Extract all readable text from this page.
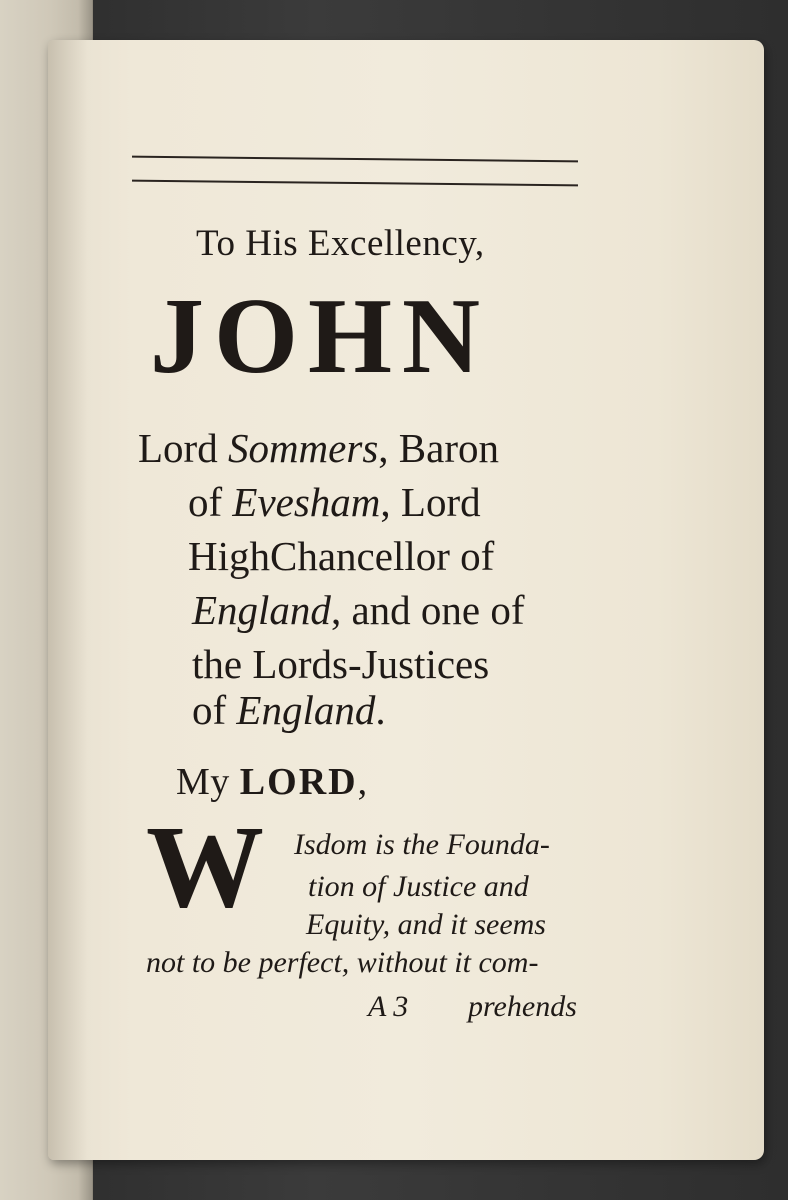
To His Excellency,
JOHN
Lord Sommers, Baron
of Evesham, Lord
HighChancellor of
England, and one of
the Lords-Justices
of England.
My LORD,
W Isdom is the Founda-
tion of Justice and
Equity, and it seems
not to be perfect, without it com-
A 3 prehends
